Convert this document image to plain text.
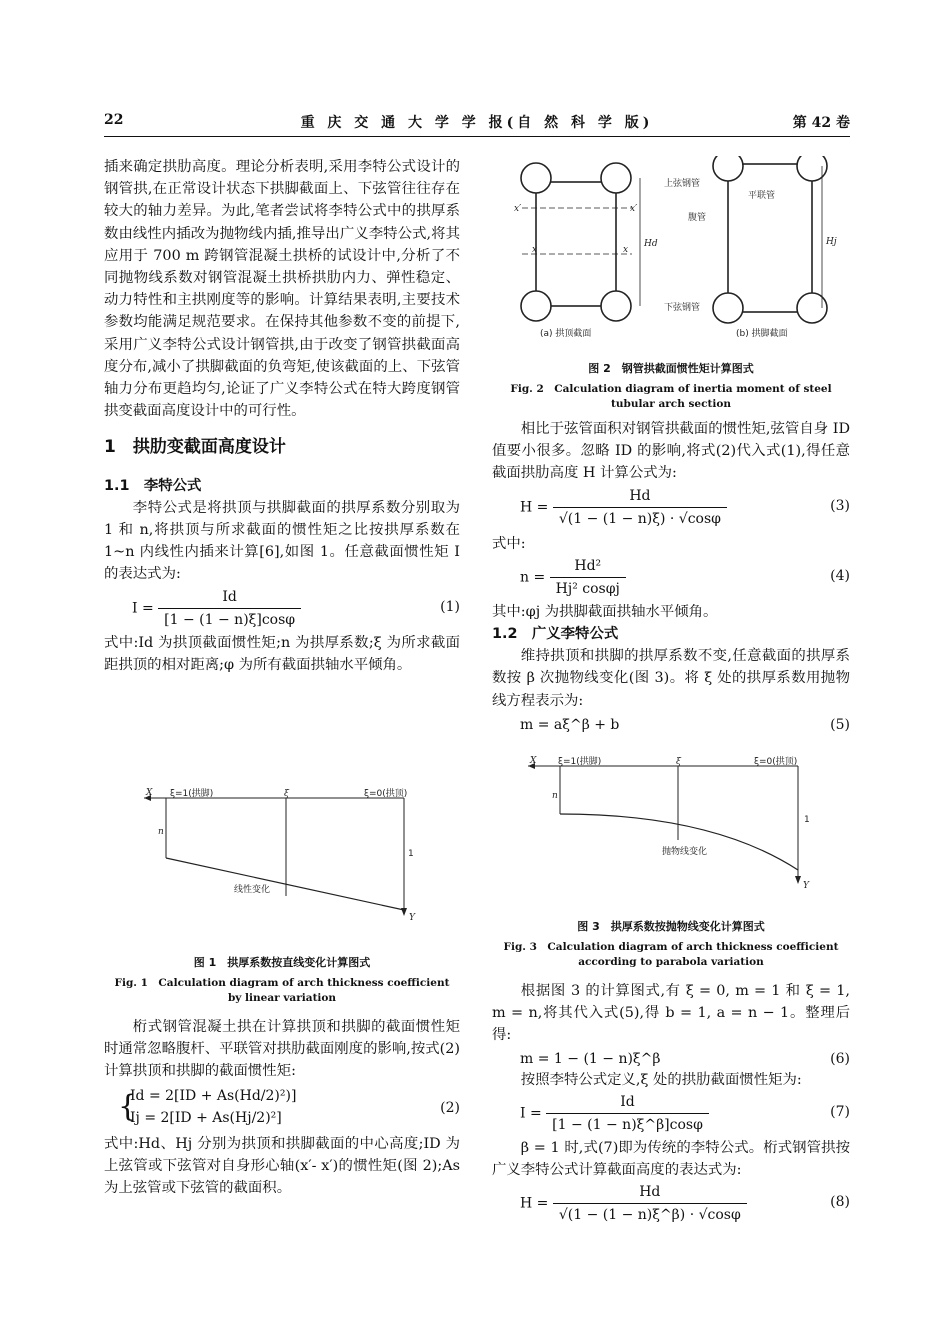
22	重 庆 交 通 大 学 学 报(自 然 科 学 版)	第 42 卷

插来确定拱肋高度。理论分析表明,采用李特公式设计的钢管拱,在正常设计状态下拱脚截面上、下弦管往往存在较大的轴力差异。为此,笔者尝试将李特公式中的拱厚系数由线性内插改为抛物线内插,推导出广义李特公式,将其应用于 700 m 跨钢管混凝土拱桥的试设计中,分析了不同抛物线系数对钢管混凝土拱桥拱肋内力、弹性稳定、动力特性和主拱刚度等的影响。计算结果表明,主要技术参数均能满足规范要求。在保持其他参数不变的前提下,采用广义李特公式设计钢管拱,由于改变了钢管拱截面高度分布,减小了拱脚截面的负弯矩,使该截面的上、下弦管轴力分布更趋均匀,论证了广义李特公式在特大跨度钢管拱变截面高度设计中的可行性。

1　拱肋变截面高度设计
1.1　李特公式

李特公式是将拱顶与拱脚截面的拱厚系数分别取为 1 和 n,将拱顶与所求截面的惯性矩之比按拱厚系数在 1~n 内线性内插来计算[6],如图 1。任意截面惯性矩 I 的表达式为:

$I = \frac{Id}{[1 - (1 - n)\xi]\cos\varphi}$	(1)

式中:Id 为拱顶截面惯性矩;n 为拱厚系数;ξ 为所求截面距拱顶的相对距离;φ 为所有截面拱轴水平倾角。

X ξ=1(拱脚)	ξ	ξ=0(拱顶)
n
1
线性变化
Y
图 1　拱厚系数按直线变化计算图式
Fig. 1　Calculation diagram of arch thickness coefficient
by linear variation

桁式钢管混凝土拱在计算拱顶和拱脚的截面惯性矩时通常忽略腹杆、平联管对拱肋截面刚度的影响,按式(2)计算拱顶和拱脚的截面惯性矩:

{
Id = 2[ID + As(Hd/2)²)]
Ij = 2[ID + As(Hj/2)²]
(2)

式中:Hd、Hj 分别为拱顶和拱脚截面的中心高度;ID 为上弦管或下弦管对自身形心轴(x′- x′)的惯性矩(图 2);As 为上弦管或下弦管的截面积。

x′	x′
x	x
Hd
(a) 拱顶截面
Hj
上弦钢管
平联管
腹管
下弦钢管
(b) 拱脚截面
图 2　钢管拱截面惯性矩计算图式
Fig. 2　Calculation diagram of inertia moment of steel
tubular arch section

相比于弦管面积对钢管拱截面的惯性矩,弦管自身 ID 值要小很多。忽略 ID 的影响,将式(2)代入式(1),得任意截面拱肋高度 H 计算公式为:

$H = \frac{Hd}{√(1 - (1 - n)\xi) \cdot √\cos\varphi}$	(3)

式中:

$n = \frac{\text{Hd²}}{\text{Hj² cosφj}}$	(4)

其中:φj 为拱脚截面拱轴水平倾角。

1.2　广义李特公式

维持拱顶和拱脚的拱厚系数不变,任意截面的拱厚系数按 β 次抛物线变化(图 3)。将 ξ 处的拱厚系数用抛物线方程表示为:

m = aξ^β + b	(5)
X ξ=1(拱脚)	ξ	ξ=0(拱顶)
n
1
抛物线变化
Y
图 3　拱厚系数按抛物线变化计算图式
Fig. 3　Calculation diagram of arch thickness coefficient
according to parabola variation

根据图 3 的计算图式,有 ξ = 0, m = 1 和 ξ = 1, m = n,将其代入式(5),得 b = 1, a = n − 1。整理后得:

m = 1 − (1 − n)ξ^β	(6)

按照李特公式定义,ξ 处的拱肋截面惯性矩为:

$I = \frac{Id}{[1 - (1 - n)\xi\^{}\beta]\cos\varphi}$	(7)

β = 1 时,式(7)即为传统的李特公式。桁式钢管拱按广义李特公式计算截面高度的表达式为:

$H = \frac{Hd}{√(1 - (1 - n)\xi\^{}\beta) \cdot √\cos\varphi}$	(8)
